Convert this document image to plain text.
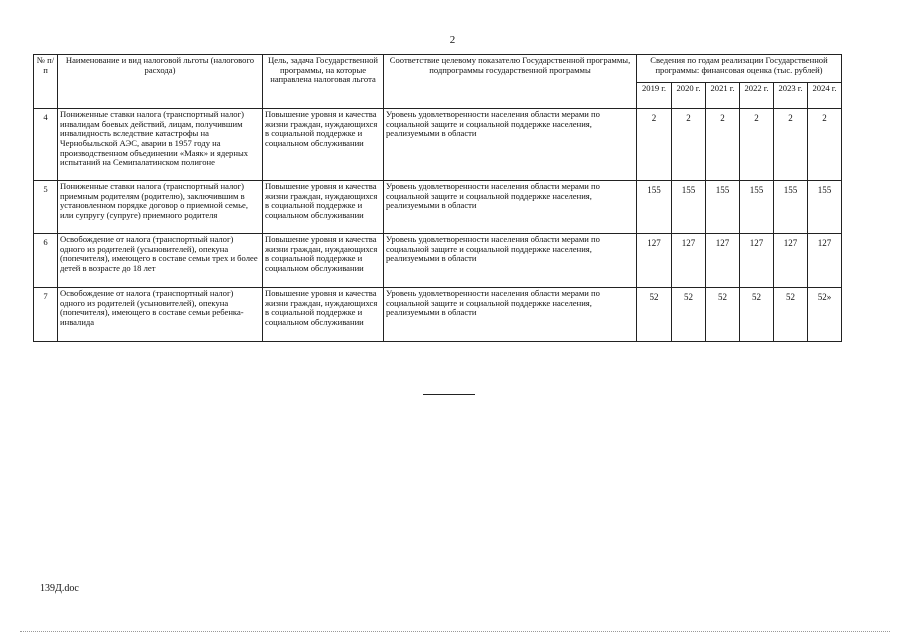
2
№ п/п	Наименование и вид налоговой льготы (налогового расхода)	Цель, задача Государственной программы, на которые направлена налоговая льгота	Соответствие целевому показателю Государственной программы, подпрограммы государственной программы	Сведения по годам реализации Государственной программы: финансовая оценка (тыс. рублей)					
				2019 г.	2020 г.	2021 г.	2022 г.	2023 г.	2024 г.
4	Пониженные ставки налога (транспортный налог) инвалидам боевых действий, лицам, получившим инвалидность вследствие катастрофы на Чернобыльской АЭС, аварии в 1957 году на производственном объединении «Маяк» и ядерных испытаний на Семипалатинском полигоне	Повышение уровня и качества жизни граждан, нуждающихся в социальной поддержке и социальном обслуживании	Уровень удовлетворенности населения области мерами по социальной защите и социальной поддержке населения, реализуемыми в области	2	2	2	2	2	2
5	Пониженные ставки налога (транспортный налог) приемным родителям (родителю), заключившим в установленном порядке договор о приемной семье, или супругу (супруге) приемного родителя	Повышение уровня и качества жизни граждан, нуждающихся в социальной поддержке и социальном обслуживании	Уровень удовлетворенности населения области мерами по социальной защите и социальной поддержке населения, реализуемыми в области	155	155	155	155	155	155
6	Освобождение от налога (транспортный налог) одного из родителей (усыновителей), опекуна (попечителя), имеющего в составе семьи трех и более детей в возрасте до 18 лет	Повышение уровня и качества жизни граждан, нуждающихся в социальной поддержке и социальном обслуживании	Уровень удовлетворенности населения области мерами по социальной защите и социальной поддержке населения, реализуемыми в области	127	127	127	127	127	127
7	Освобождение от налога (транспортный налог) одного из родителей (усыновителей), опекуна (попечителя), имеющего в составе семьи ребенка-инвалида	Повышение уровня и качества жизни граждан, нуждающихся в социальной поддержке и социальном обслуживании	Уровень удовлетворенности населения области мерами по социальной защите и социальной поддержке населения, реализуемыми в области	52	52	52	52	52	52»
139Д.doc
